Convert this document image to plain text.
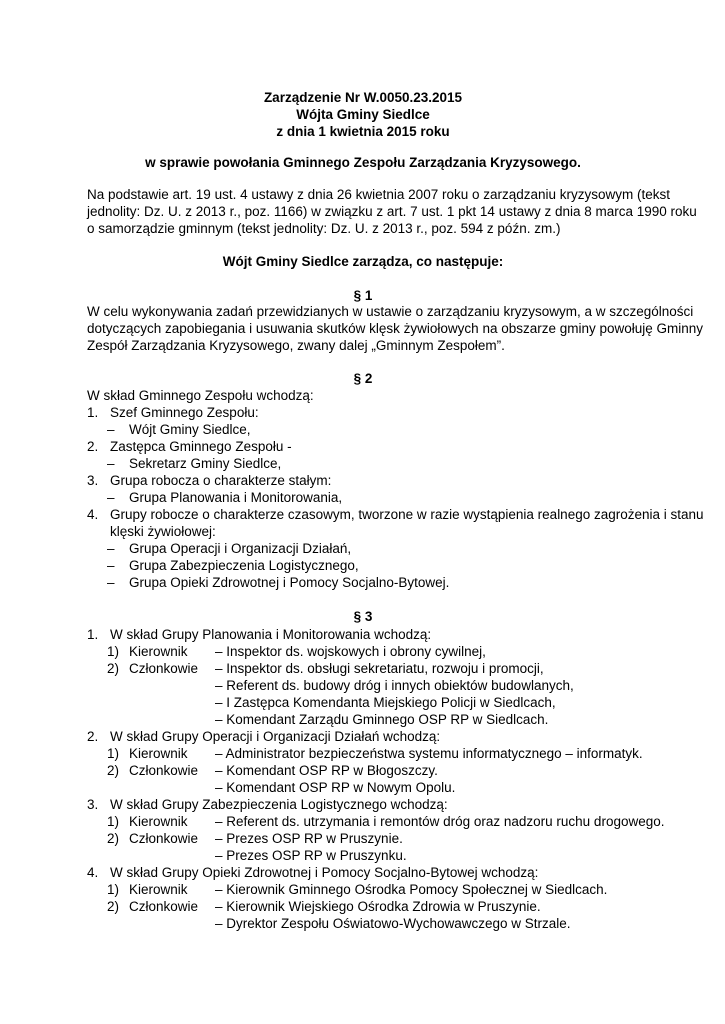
Zarządzenie Nr W.0050.23.2015
Wójta Gminy Siedlce
z dnia 1 kwietnia 2015 roku
w sprawie powołania Gminnego Zespołu Zarządzania Kryzysowego.
Na podstawie art. 19 ust. 4 ustawy z dnia 26 kwietnia 2007 roku o zarządzaniu kryzysowym (tekst
jednolity: Dz. U. z 2013 r., poz. 1166) w związku z art. 7 ust. 1 pkt 14 ustawy z dnia 8 marca 1990 roku
o samorządzie gminnym (tekst jednolity: Dz. U. z 2013 r., poz. 594 z późn. zm.)
Wójt Gminy Siedlce zarządza, co następuje:
§ 1
W celu wykonywania zadań przewidzianych w ustawie o zarządzaniu kryzysowym, a w szczególności
dotyczących zapobiegania i usuwania skutków klęsk żywiołowych na obszarze gminy powołuję Gminny
Zespół Zarządzania Kryzysowego, zwany dalej „Gminnym Zespołem”.
§ 2
W skład Gminnego Zespołu wchodzą:
1. Szef Gminnego Zespołu:
– Wójt Gminy Siedlce,
2. Zastępca Gminnego Zespołu -
– Sekretarz Gminy Siedlce,
3. Grupa robocza o charakterze stałym:
– Grupa Planowania i Monitorowania,
4. Grupy robocze o charakterze czasowym, tworzone w razie wystąpienia realnego zagrożenia i stanu
klęski żywiołowej:
– Grupa Operacji i Organizacji Działań,
– Grupa Zabezpieczenia Logistycznego,
– Grupa Opieki Zdrowotnej i Pomocy Socjalno-Bytowej.
§ 3
1. W skład Grupy Planowania i Monitorowania wchodzą:
1) Kierownik – Inspektor ds. wojskowych i obrony cywilnej,
2) Członkowie – Inspektor ds. obsługi sekretariatu, rozwoju i promocji,
– Referent ds. budowy dróg i innych obiektów budowlanych,
– I Zastępca Komendanta Miejskiego Policji w Siedlcach,
– Komendant Zarządu Gminnego OSP RP w Siedlcach.
2. W skład Grupy Operacji i Organizacji Działań wchodzą:
1) Kierownik – Administrator bezpieczeństwa systemu informatycznego – informatyk.
2) Członkowie – Komendant OSP RP w Błogoszczy.
– Komendant OSP RP w Nowym Opolu.
3. W skład Grupy Zabezpieczenia Logistycznego wchodzą:
1) Kierownik – Referent ds. utrzymania i remontów dróg oraz nadzoru ruchu drogowego.
2) Członkowie – Prezes OSP RP w Pruszynie.
– Prezes OSP RP w Pruszynku.
4. W skład Grupy Opieki Zdrowotnej i Pomocy Socjalno-Bytowej wchodzą:
1) Kierownik – Kierownik Gminnego Ośrodka Pomocy Społecznej w Siedlcach.
2) Członkowie – Kierownik Wiejskiego Ośrodka Zdrowia w Pruszynie.
– Dyrektor Zespołu Oświatowo-Wychowawczego w Strzale.
